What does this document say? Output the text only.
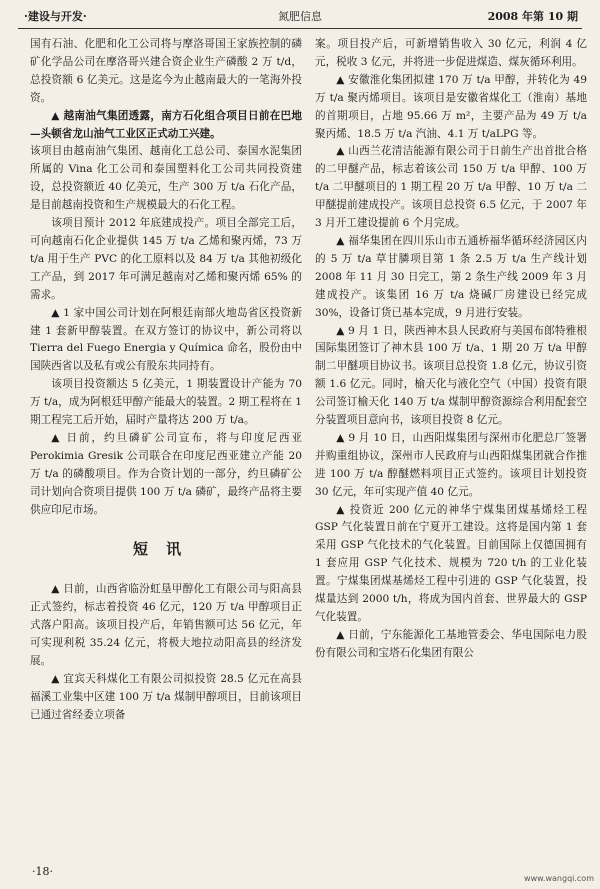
·建设与开发·	氮肥信息	2008 年第 10 期

国有石油、化肥和化工公司将与摩洛哥国王家族控制的磷矿化学品公司在摩洛哥兴建合资企业生产磷酸 2 万 t/d，总投资额 6 亿美元。这是迄今为止越南最大的一笔海外投资。

▲ 越南油气集团透露，南方石化组合项目日前在巴地—头顿省龙山油气工业区正式动工兴建。

该项目由越南油气集团、越南化工总公司、泰国水泥集团所属的 Vina 化工公司和泰国塑料化工公司共同投资建设，总投资额近 40 亿美元，生产 300 万 t/a 石化产品，是目前越南投资和生产规模最大的石化工程。

该项目预计 2012 年底建成投产。项目全部完工后，可向越南石化企业提供 145 万 t/a 乙烯和聚丙烯，73 万 t/a 用于生产 PVC 的化工原料以及 84 万 t/a 其他初级化工产品，到 2017 年可满足越南对乙烯和聚丙烯 65% 的需求。

▲ 1 家中国公司计划在阿根廷南部火地岛省区投资新建 1 套新甲醇装置。在双方签订的协议中，新公司将以 Tierra del Fuego Energia y Química 命名，股份由中国陕西省以及私有或公有股东共同持有。

该项目投资额达 5 亿美元，1 期装置设计产能为 70 万 t/a，成为阿根廷甲醇产能最大的装置。2 期工程将在 1 期工程完工后开始，届时产量将达 200 万 t/a。

▲ 日前，约旦磷矿公司宣布，将与印度尼西亚 Perokimia Gresik 公司联合在印度尼西亚建立产能 20 万 t/a 的磷酸项目。作为合资计划的一部分，约旦磷矿公司计划向合资项目提供 100 万 t/a 磷矿，最终产品将主要供应印尼市场。

短讯

▲ 日前，山西省临汾虹垦甲醇化工有限公司与阳高县正式签约，标志着投资 46 亿元，120 万 t/a 甲醇项目正式落户阳高。该项目投产后，年销售额可达 56 亿元，年可实现利税 35.24 亿元，将极大地拉动阳高县的经济发展。

▲ 宜宾天科煤化工有限公司拟投资 28.5 亿元在高县福溪工业集中区建 100 万 t/a 煤制甲醇项目，目前该项目已通过省经委立项备

案。项目投产后，可新增销售收入 30 亿元，利润 4 亿元，税收 3 亿元，并将进一步促进煤造、煤灰循环利用。

▲ 安徽淮化集团拟建 170 万 t/a 甲醇，并转化为 49 万 t/a 聚丙烯项目。该项目是安徽省煤化工（淮南）基地的首期项目，占地 95.66 万 m²，主要产品为 49 万 t/a 聚丙烯、18.5 万 t/a 汽油、4.1 万 t/aLPG 等。

▲ 山西兰花清洁能源有限公司于日前生产出首批合格的二甲醚产品，标志着该公司 150 万 t/a 甲醇、100 万 t/a 二甲醚项目的 1 期工程 20 万 t/a 甲醇、10 万 t/a 二甲醚提前建成投产。该项目总投资 6.5 亿元，于 2007 年 3 月开工建设提前 6 个月完成。

▲ 福华集团在四川乐山市五通桥福华循环经济园区内的 5 万 t/a 草甘膦项目第 1 条 2.5 万 t/a 生产线计划 2008 年 11 月 30 日完工，第 2 条生产线 2009 年 3 月建成投产。该集团 16 万 t/a 烧碱厂房建设已经完成 30%，设备订货已基本完成，9 月进行安装。

▲ 9 月 1 日，陕西神木县人民政府与美国布郎特雅根国际集团签订了神木县 100 万 t/a、1 期 20 万 t/a 甲醇制二甲醚项目协议书。该项目总投资 1.8 亿元，协议引资额 1.6 亿元。同时，榆天化与液化空气（中国）投资有限公司签订榆天化 140 万 t/a 煤制甲醇资源综合利用配套空分装置项目意向书，该项目投资 8 亿元。

▲ 9 月 10 日，山西阳煤集团与深州市化肥总厂签署并购重组协议，深州市人民政府与山西阳煤集团就合作推进 100 万 t/a 醇醚燃料项目正式签约。该项目计划投资 30 亿元，年可实现产值 40 亿元。

▲ 投资近 200 亿元的神华宁煤集团煤基烯烃工程 GSP 气化装置日前在宁夏开工建设。这将是国内第 1 套采用 GSP 气化技术的气化装置。目前国际上仅德国拥有 1 套应用 GSP 气化技术、规模为 720 t/h 的工业化装置。宁煤集团煤基烯烃工程中引进的 GSP 气化装置，投煤量达到 2000 t/h，将成为国内首套、世界最大的 GSP 气化装置。

▲ 日前，宁东能源化工基地管委会、华电国际电力股份有限公司和宝塔石化集团有限公

·18·
www.wangqi.com
